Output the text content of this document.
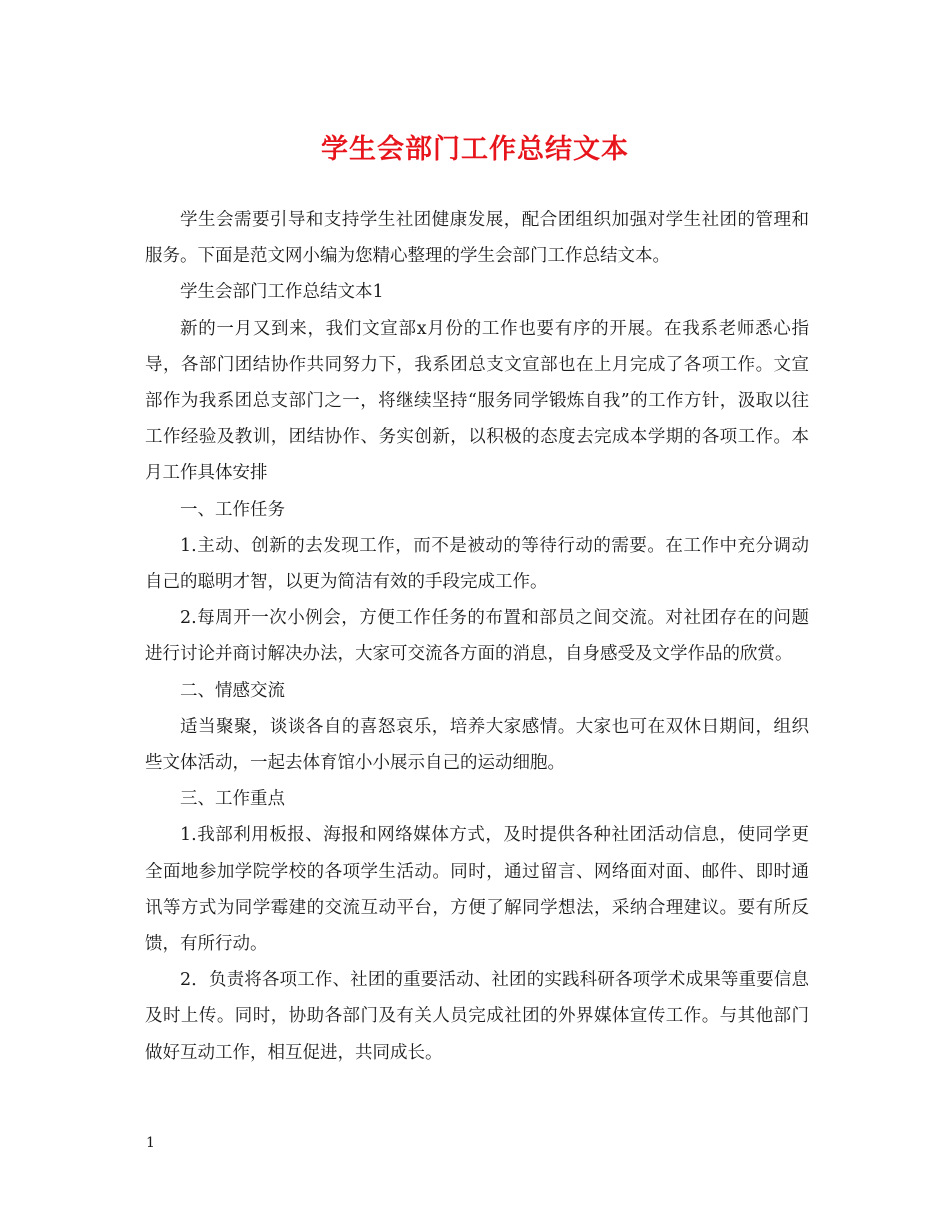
学生会部门工作总结文本

学生会需要引导和支持学生社团健康发展，配合团组织加强对学生社团的管理和服务。下面是范文网小编为您精心整理的学生会部门工作总结文本。

学生会部门工作总结文本1

新的一月又到来，我们文宣部x月份的工作也要有序的开展。在我系老师悉心指导，各部门团结协作共同努力下，我系团总支文宣部也在上月完成了各项工作。文宣部作为我系团总支部门之一，将继续坚持“服务同学锻炼自我”的工作方针，汲取以往工作经验及教训，团结协作、务实创新，以积极的态度去完成本学期的各项工作。本月工作具体安排

一、工作任务

1.主动、创新的去发现工作，而不是被动的等待行动的需要。在工作中充分调动自己的聪明才智，以更为简洁有效的手段完成工作。

2.每周开一次小例会，方便工作任务的布置和部员之间交流。对社团存在的问题进行讨论并商讨解决办法，大家可交流各方面的消息，自身感受及文学作品的欣赏。

二、情感交流

适当聚聚，谈谈各自的喜怒哀乐，培养大家感情。大家也可在双休日期间，组织些文体活动，一起去体育馆小小展示自己的运动细胞。

三、工作重点

1.我部利用板报、海报和网络媒体方式，及时提供各种社团活动信息，使同学更全面地参加学院学校的各项学生活动。同时，通过留言、网络面对面、邮件、即时通讯等方式为同学霉建的交流互动平台，方便了解同学想法，采纳合理建议。要有所反馈，有所行动。

2．负责将各项工作、社团的重要活动、社团的实践科研各项学术成果等重要信息及时上传。同时，协助各部门及有关人员完成社团的外界媒体宣传工作。与其他部门做好互动工作，相互促进，共同成长。

1
